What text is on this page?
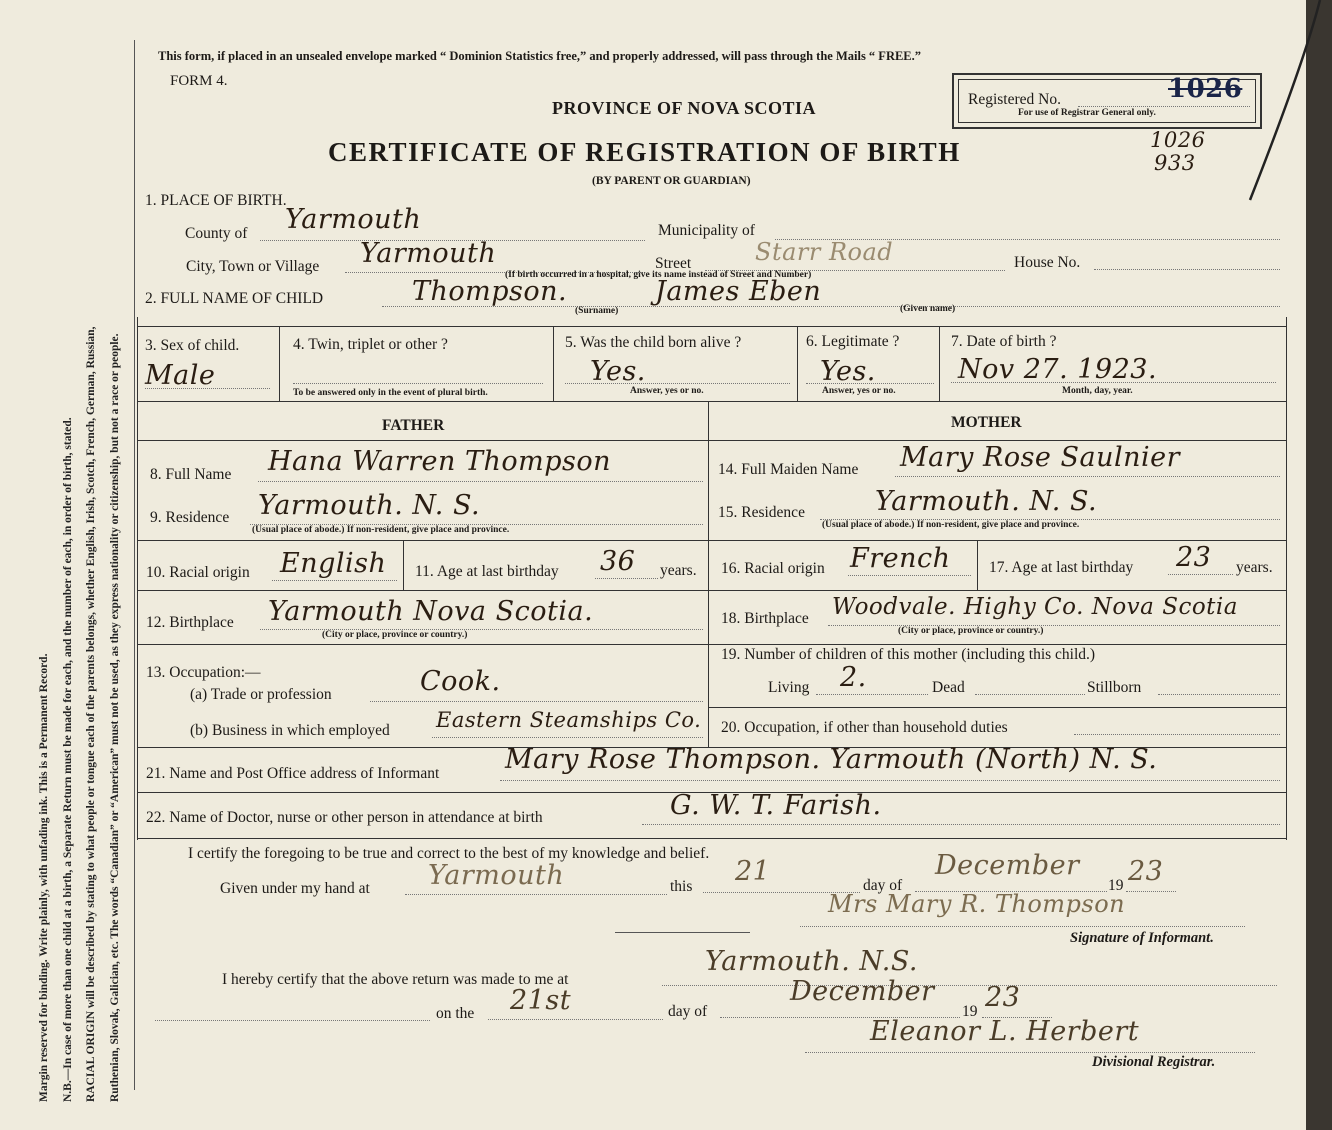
Margin reserved for binding. Write plainly, with unfading ink. This is a Permanent Record.	N.B.—In case of more than one child at a birth, a Separate Return must be made for each, and the number of each, in order of birth, stated.	RACIAL ORIGIN will be described by stating to what people or tongue each of the parents belongs, whether English, Irish, Scotch, French, German, Russian,	Ruthenian, Slovak, Galician, etc. The words “Canadian” or “American” must not be used, as they express nationality or citizenship, but not a race or people.
This form, if placed in an unsealed envelope marked “ Dominion Statistics free,” and properly addressed, will pass through the Mails “ FREE.”
FORM 4.
PROVINCE OF NOVA SCOTIA
CERTIFICATE OF REGISTRATION OF BIRTH
(BY PARENT OR GUARDIAN)
Registered No.	1026
For use of Registrar General only.
1026
933
1. PLACE OF BIRTH.
County of Yarmouth	Municipality of
City, Town or Village Yarmouth	Street	Starr Road	House No.
(If birth occurred in a hospital, give its name instead of Street and Number)
2. FULL NAME OF CHILD	Thompson.	James Eben
(Surname)	(Given name)
3. Sex of child.
Male
4. Twin, triplet or other ?
To be answered only in the event of plural birth.
5. Was the child born alive ?
Yes.
Answer, yes or no.
6. Legitimate ?
Yes.
Answer, yes or no.
7. Date of birth ?
Nov 27. 1923.
Month, day, year.
FATHER	MOTHER
8. Full Name Hana Warren Thompson	14. Full Maiden Name Mary Rose Saulnier
9. Residence Yarmouth. N. S.
(Usual place of abode.) If non-resident, give place and province.
15. Residence	Yarmouth. N. S.
(Usual place of abode.) If non-resident, give place and province.
10. Racial origin English 11. Age at last birthday 36 years. 16. Racial origin French 17. Age at last birthday 23 years.
12. Birthplace Yarmouth Nova Scotia.
(City or place, province or country.)
18. Birthplace Woodvale. Highy Co. Nova Scotia
(City or place, province or country.)
13. Occupation:—
(a) Trade or profession	Cook.
19. Number of children of this mother (including this child.)
Living 2.	Dead	Stillborn
(b) Business in which employed Eastern Steamships Co. 20. Occupation, if other than household duties
21. Name and Post Office address of Informant Mary Rose Thompson. Yarmouth (North) N. S.
22. Name of Doctor, nurse or other person in attendance at birth	G. W. T. Farish.
I certify the foregoing to be true and correct to the best of my knowledge and belief.
Given under my hand at Yarmouth	this 21	day of
December
19 23
Mrs Mary R. Thompson
Signature of Informant.
I hereby certify that the above return was made to me at
Yarmouth. N.S.
on the 21st	day of
December
19 23
Eleanor L. Herbert
Divisional Registrar.
